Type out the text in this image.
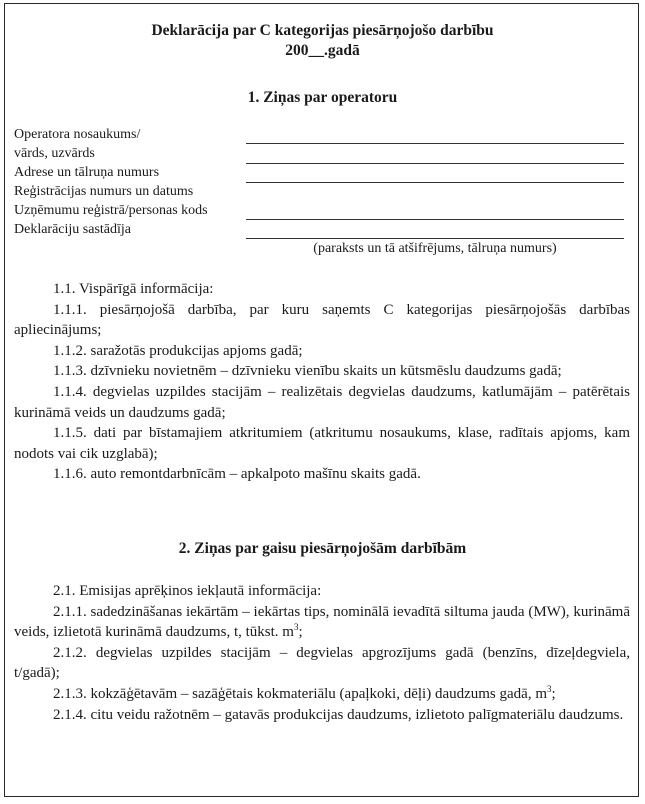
Deklarācija par C kategorijas piesārņojošo darbību
200__.gadā
1. Ziņas par operatoru
Operatora nosaukums/
vārds, uzvārds
Adrese un tālruņa numurs
Reģistrācijas numurs un datums
Uzņēmumu reģistrā/personas kods
Deklarāciju sastādīja
(paraksts un tā atšifrējums, tālruņa numurs)

1.1. Vispārīgā informācija:

1.1.1. piesārņojošā darbība, par kuru saņemts C kategorijas piesārņojošās darbības apliecinājums;

1.1.2. saražotās produkcijas apjoms gadā;

1.1.3. dzīvnieku novietnēm – dzīvnieku vienību skaits un kūtsmēslu daudzums gadā;

1.1.4. degvielas uzpildes stacijām – realizētais degvielas daudzums, katlumājām – patērētais kurināmā veids un daudzums gadā;

1.1.5. dati par bīstamajiem atkritumiem (atkritumu nosaukums, klase, radītais apjoms, kam nodots vai cik uzglabā);

1.1.6. auto remontdarbnīcām – apkalpoto mašīnu skaits gadā.

2. Ziņas par gaisu piesārņojošām darbībām

2.1. Emisijas aprēķinos iekļautā informācija:

2.1.1. sadedzināšanas iekārtām – iekārtas tips, nominālā ievadītā siltuma jauda (MW), kurināmā veids, izlietotā kurināmā daudzums, t, tūkst. $m^3$;

2.1.2. degvielas uzpildes stacijām – degvielas apgrozījums gadā (benzīns, dīzeļdegviela, t/gadā);

2.1.3. kokzāģētavām – sazāģētais kokmateriālu (apaļkoki, dēļi) daudzums gadā, $m^3$;

2.1.4. citu veidu ražotnēm – gatavās produkcijas daudzums, izlietoto palīgmateriālu daudzums.
